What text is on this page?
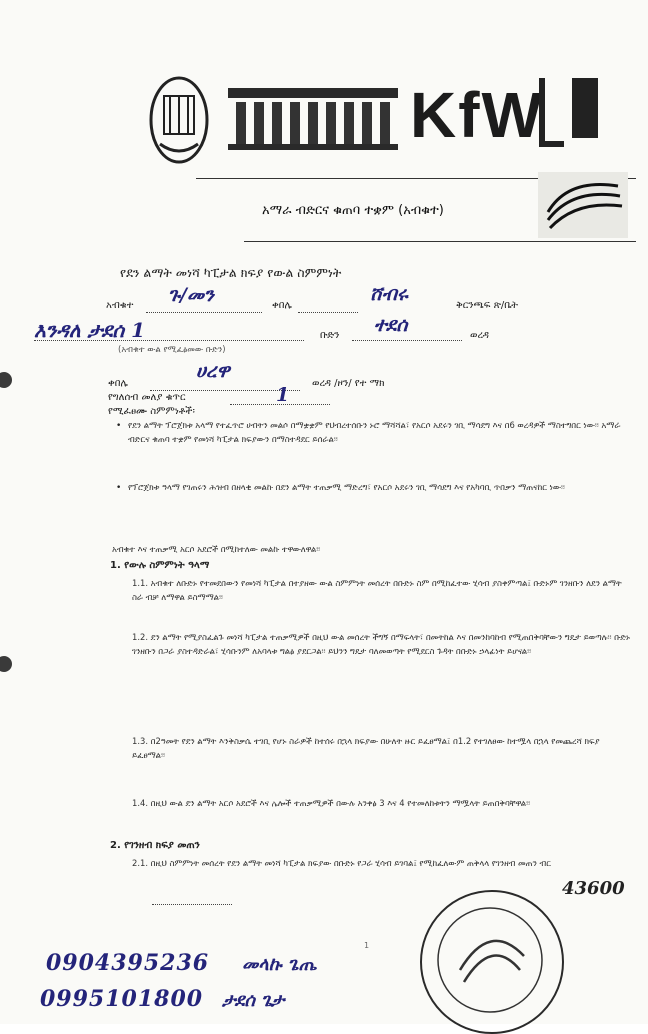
KfW
አማራ ብድርና ቁጠባ ተቋም (አብቁተ)
የደን ልማት መነሻ ካፒታል ክፍያ የውል ስምምነት
አብቁተ ጉ/መን	ቀበሌ
ሸብሩ
ቅርንጫፍ ጽ/ቤት
እንዳለ ታደሰ 1	ቡድን ተደሰ	ወረዳ
(አብቁተ ውል የሚፈፅመው ቡድን)
ቀበሌ
ሀረዋ
ወረዳ /ዞን/ የተ ማክ
የግለሰብ መለያ ቁጥር	1
የሚፈፀሙ ስምምነቶች፡
• የደን ልማት ፕሮጀክቱ አላማ የተፈጥሮ ሀብትን መልሶ በማቋቋም የህብረተሰቡን ኑሮ ማሻሻል፣ የአርሶ አደሩን ገቢ ማሳደግ እና በ6 ወረዳዎች ማስተግበር ነው፡፡ አማራ ብድርና ቁጠባ ተቋም የመነሻ ካፒታል ክፍያውን በማስተዳደር ይሰራል፡፡
• የፕሮጀክቱ ዓላማ የገጠሩን ሕዝብ በዘላቂ መልኩ በደን ልማት ተጠቃሚ ማድረግ፣ የአርሶ አደሩን ገቢ ማሳደግ እና የአካባቢ ጥበቃን ማጠናከር ነው፡፡
አብቁተ እና ተጠቃሚ አርሶ አደሮች በሚከተለው መልኩ ተዋውለዋል፡፡
1. የውሉ ስምምነት ዓላማ
1.1. አብቁተ ለቡድኑ የተመደበውን የመነሻ ካፒታል በተያዘው ውል ስምምነት መሰረት በቡድኑ ስም በሚከፈተው ሂሳብ ያስቀምጣል፤ ቡድኑም ገንዘቡን ለደን ልማት ስራ ብቻ ለማዋል ይስማማል፡፡
1.2. ደን ልማት የሚያስፈልጉ መነሻ ካፒታል ተጠቃሚዎች በዚህ ውል መሰረት ችግኝ በማፍላት፣ በመትከል እና በመንከባከብ የሚጠበቅባቸውን ግዴታ ይወጣሉ፡፡ ቡድኑ ገንዘቡን በጋራ ያስተዳድራል፣ ሂሳቡንም ለአባላቱ ግልፅ ያደርጋል፡፡ ይህንን ግዴታ ባለመወጣት የሚደርስ ጉዳት በቡድኑ ኃላፊነት ይሆናል፡፡
1.3. በ2ዓመት የደን ልማት እንቅስቃሴ ተገቢ የሆኑ ስራዎች ከተሰሩ በኋላ ክፍያው በሁለት ዙር ይፈፀማል፤ በ1.2 የተገለፀው ከተሟላ በኋላ የመጨረሻ ክፍያ ይፈፀማል፡፡
1.4. በዚህ ውል ደን ልማት አርሶ አደሮች እና ሌሎች ተጠቃሚዎች በውሉ አንቀፅ 3 እና 4 የተመለከቱትን ማሟላት ይጠበቅባቸዋል፡፡
2. የገንዘብ ክፍያ መጠን
2.1. በዚህ ስምምነት መሰረት የደን ልማት መነሻ ካፒታል ክፍያው በቡድኑ የጋራ ሂሳብ ይገባል፤ የሚከፈለውም ጠቅላላ የገንዘብ መጠን ብር
43600
1
0904395236 መላኩ ጌጤ
0995101800 ታደሰ ጌታ
